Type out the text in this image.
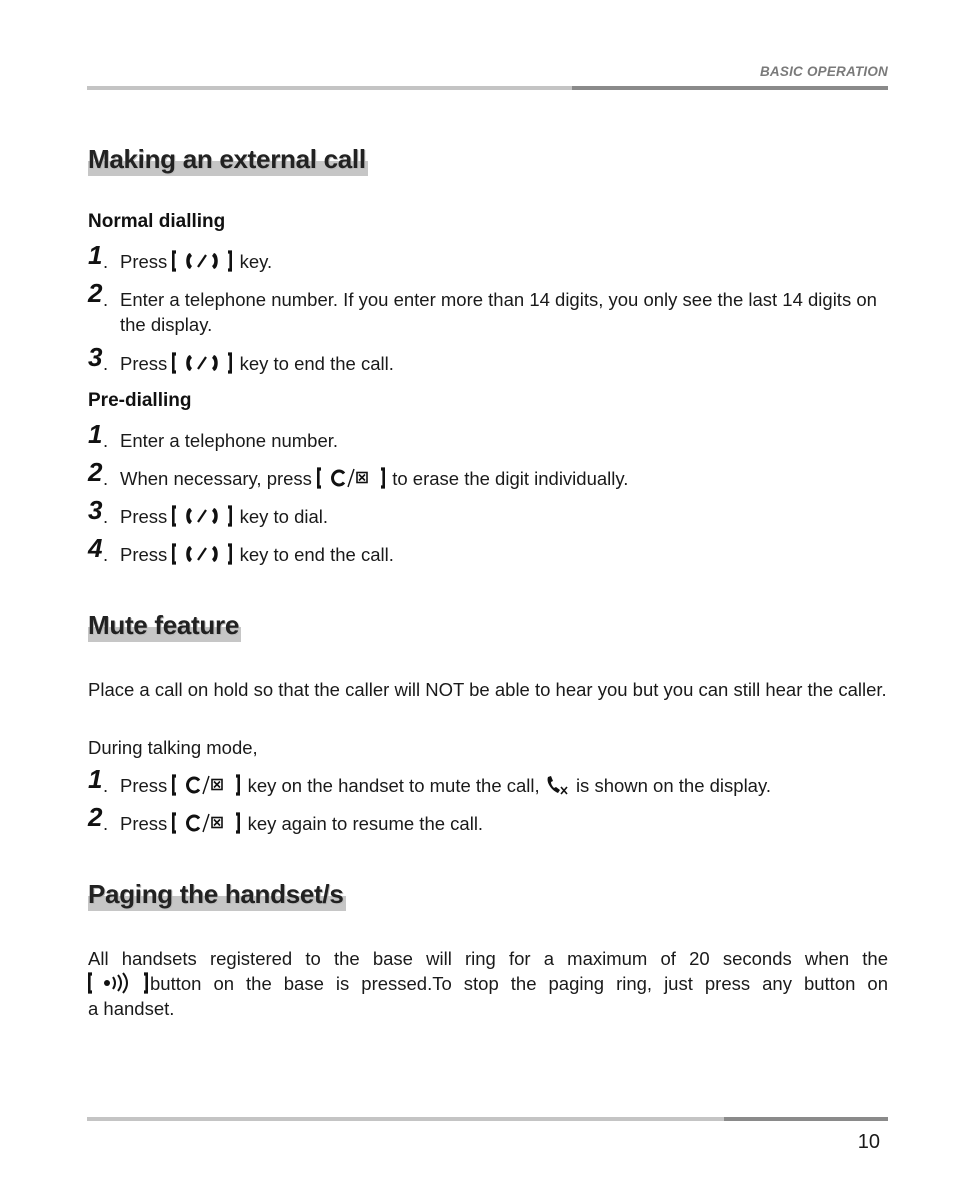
BASIC OPERATION
Making an external call
Normal dialling
1 . Press	key.
2 . Enter a telephone number. If you enter more than 14 digits, you only see the last 14 digits on the display.
3 . Press	key to end the call.
Pre-dialling
1 . Enter a telephone number.
2 . When necessary, press	to erase the digit individually.
3 . Press	key to dial.
4 . Press	key to end the call.
Mute feature
Place a call on hold so that the caller will NOT be able to hear you but you can still hear the caller.
During talking mode,
1 . Press	key on the handset to mute the call, is shown on the display.
2 . Press	key again to resume the call.
Paging the handset/s
All handsets registered to the base will ring for a maximum of 20 seconds when the
button on the base is pressed.To stop the paging ring, just press any button on
a handset.
10
